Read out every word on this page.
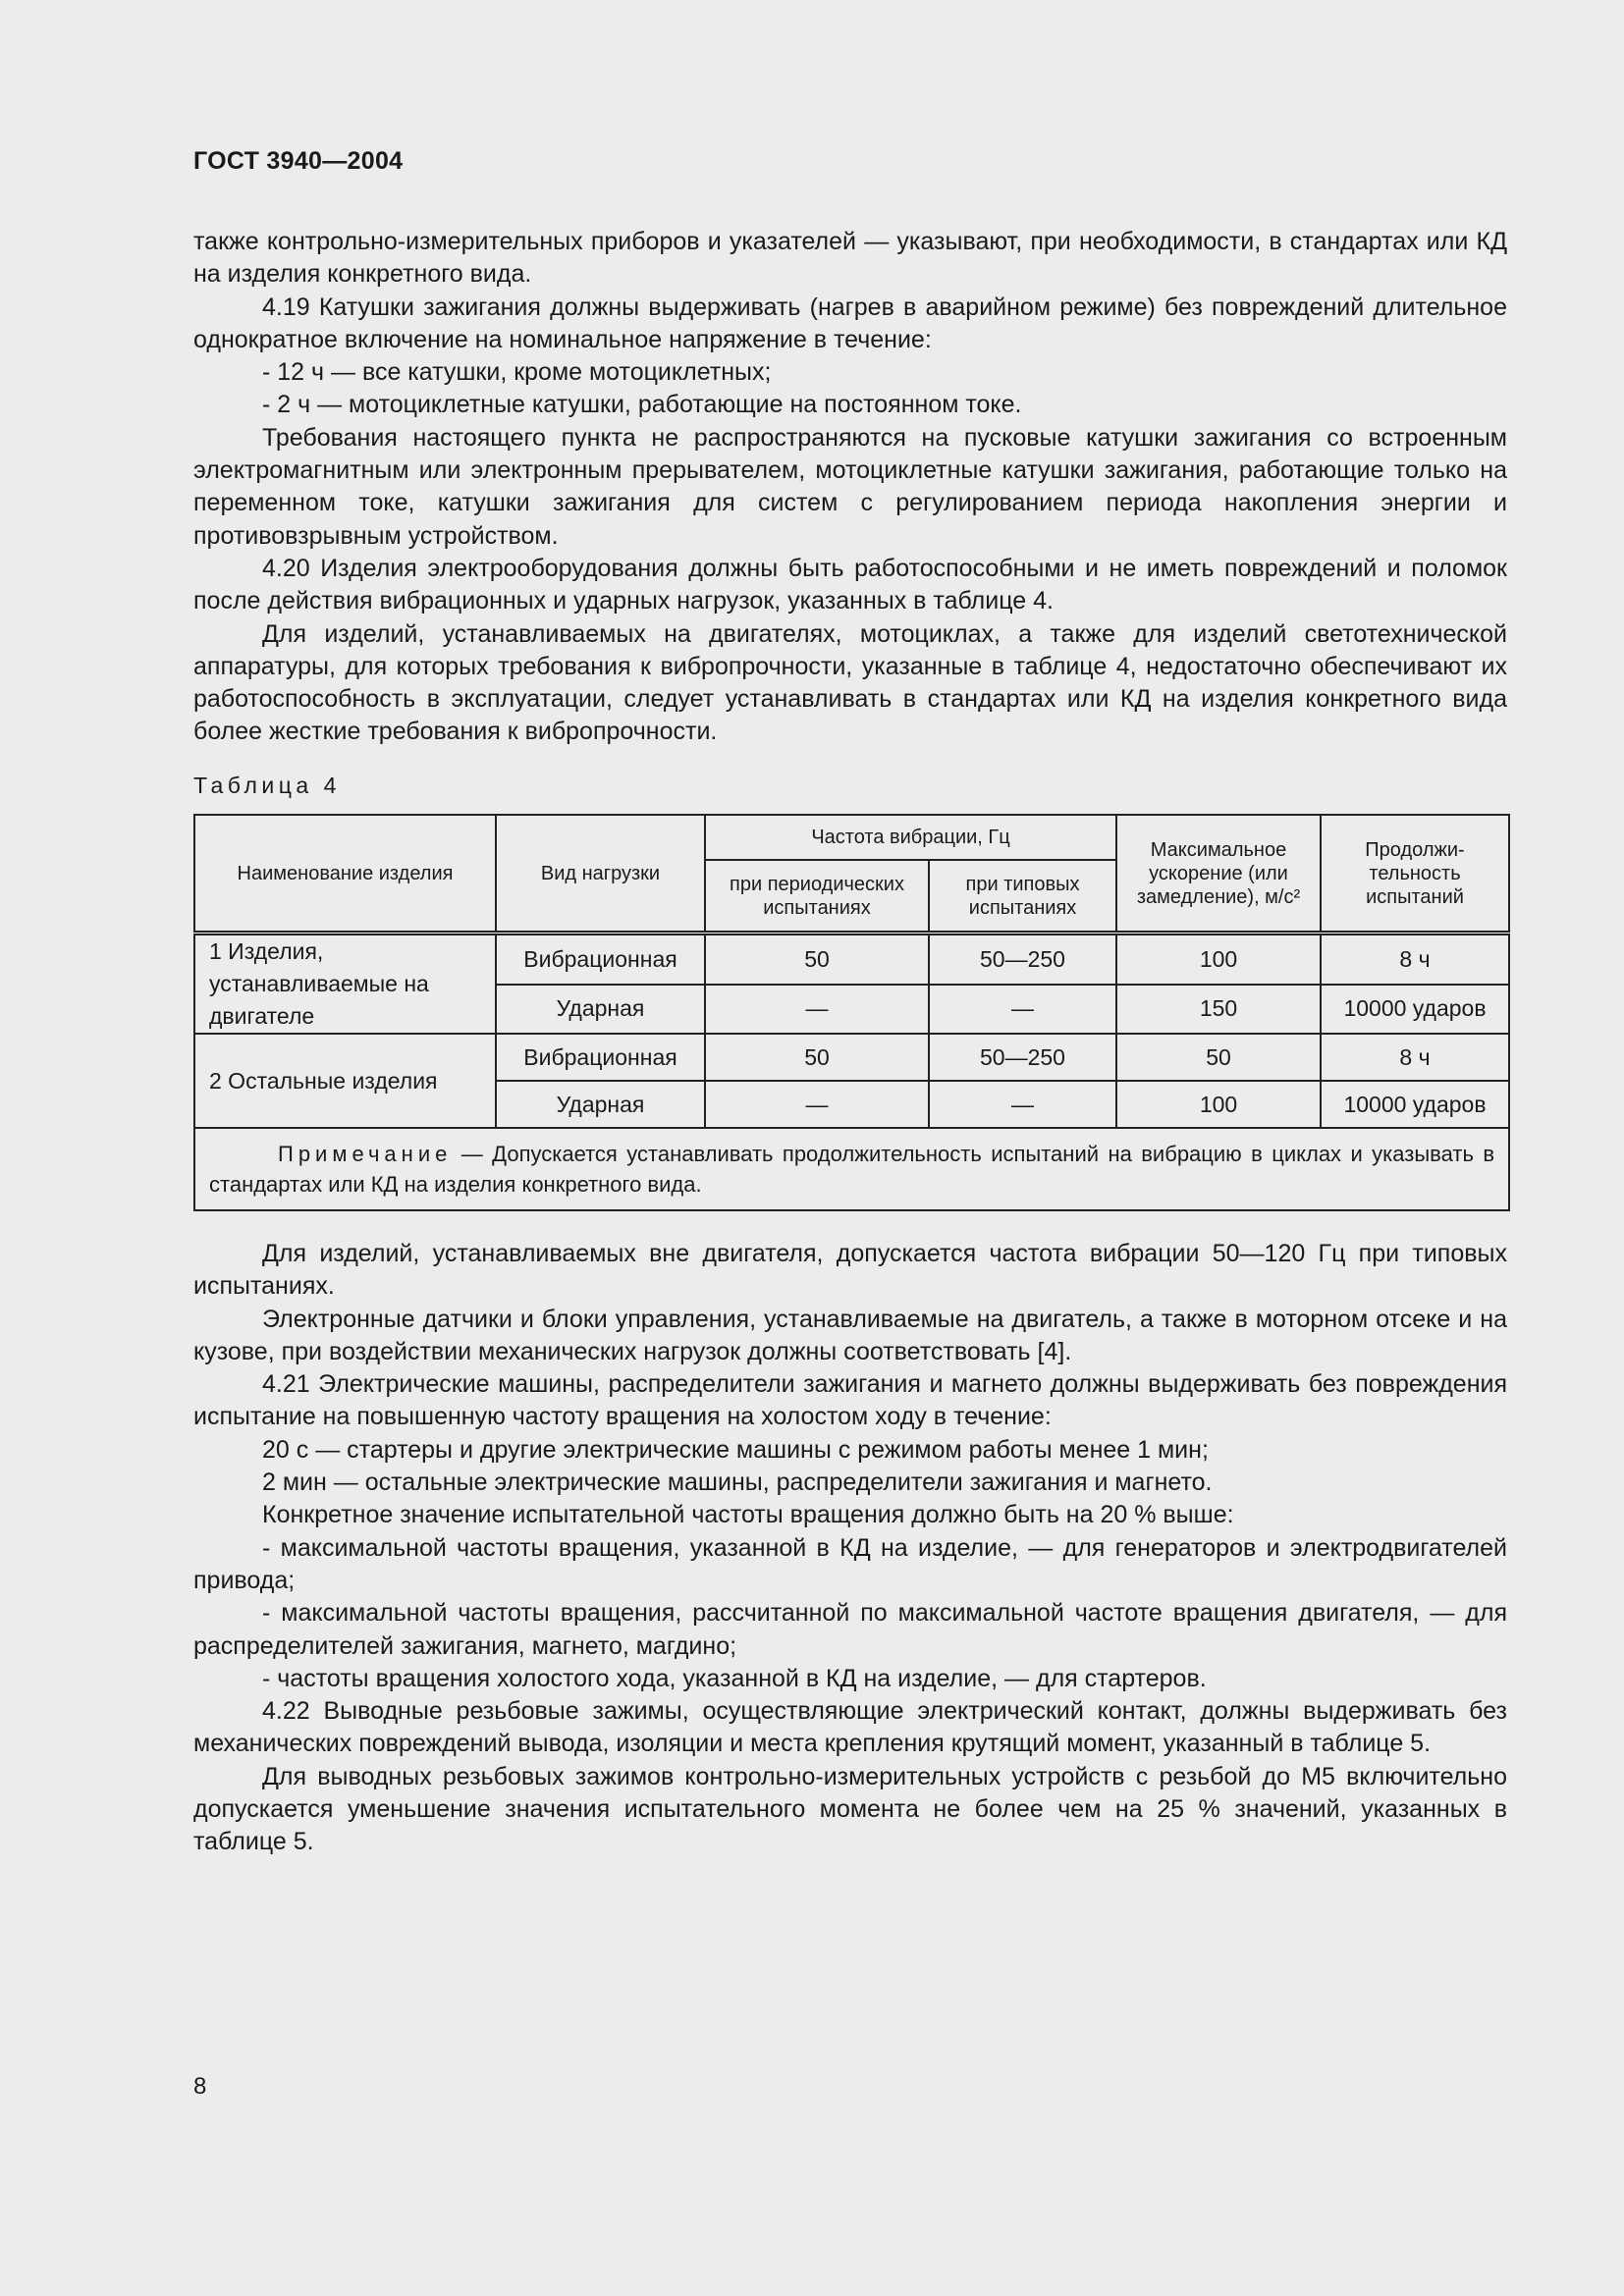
ГОСТ 3940—2004

также контрольно-измерительных приборов и указателей — указывают, при необходимости, в стандартах или КД на изделия конкретного вида.

4.19 Катушки зажигания должны выдерживать (нагрев в аварийном режиме) без повреждений длительное однократное включение на номинальное напряжение в течение:

- 12 ч — все катушки, кроме мотоциклетных;

- 2 ч — мотоциклетные катушки, работающие на постоянном токе.

Требования настоящего пункта не распространяются на пусковые катушки зажигания со встроенным электромагнитным или электронным прерывателем, мотоциклетные катушки зажигания, работающие только на переменном токе, катушки зажигания для систем с регулированием периода накопления энергии и противовзрывным устройством.

4.20 Изделия электрооборудования должны быть работоспособными и не иметь повреждений и поломок после действия вибрационных и ударных нагрузок, указанных в таблице 4.

Для изделий, устанавливаемых на двигателях, мотоциклах, а также для изделий светотехнической аппаратуры, для которых требования к вибропрочности, указанные в таблице 4, недостаточно обеспечивают их работоспособность в эксплуатации, следует устанавливать в стандартах или КД на изделия конкретного вида более жесткие требования к вибропрочности.

Таблица 4
Наименование изделия	Вид нагрузки	Частота вибрации, Гц		Максимальное ускорение (или замедление), м/с²	Продолжи-тельность испытаний
		при периодических испытаниях	при типовых испытаниях		
1 Изделия, устанавливаемые на двигателе	Вибрационная	50	50—250	100	8 ч
	Ударная	—	—	150	10000 ударов
2 Остальные изделия	Вибрационная	50	50—250	50	8 ч
	Ударная	—	—	100	10000 ударов
Примечание — Допускается устанавливать продолжительность испытаний на вибрацию в циклах и указывать в стандартах или КД на изделия конкретного вида.					

Для изделий, устанавливаемых вне двигателя, допускается частота вибрации 50—120 Гц при типовых испытаниях.

Электронные датчики и блоки управления, устанавливаемые на двигатель, а также в моторном отсеке и на кузове, при воздействии механических нагрузок должны соответствовать [4].

4.21 Электрические машины, распределители зажигания и магнето должны выдерживать без повреждения испытание на повышенную частоту вращения на холостом ходу в течение:

20 с — стартеры и другие электрические машины с режимом работы менее 1 мин;

2 мин — остальные электрические машины, распределители зажигания и магнето.

Конкретное значение испытательной частоты вращения должно быть на 20 % выше:

- максимальной частоты вращения, указанной в КД на изделие, — для генераторов и электродвигателей привода;

- максимальной частоты вращения, рассчитанной по максимальной частоте вращения двигателя, — для распределителей зажигания, магнето, магдино;

- частоты вращения холостого хода, указанной в КД на изделие, — для стартеров.

4.22 Выводные резьбовые зажимы, осуществляющие электрический контакт, должны выдерживать без механических повреждений вывода, изоляции и места крепления крутящий момент, указанный в таблице 5.

Для выводных резьбовых зажимов контрольно-измерительных устройств с резьбой до М5 включительно допускается уменьшение значения испытательного момента не более чем на 25 % значений, указанных в таблице 5.

8
